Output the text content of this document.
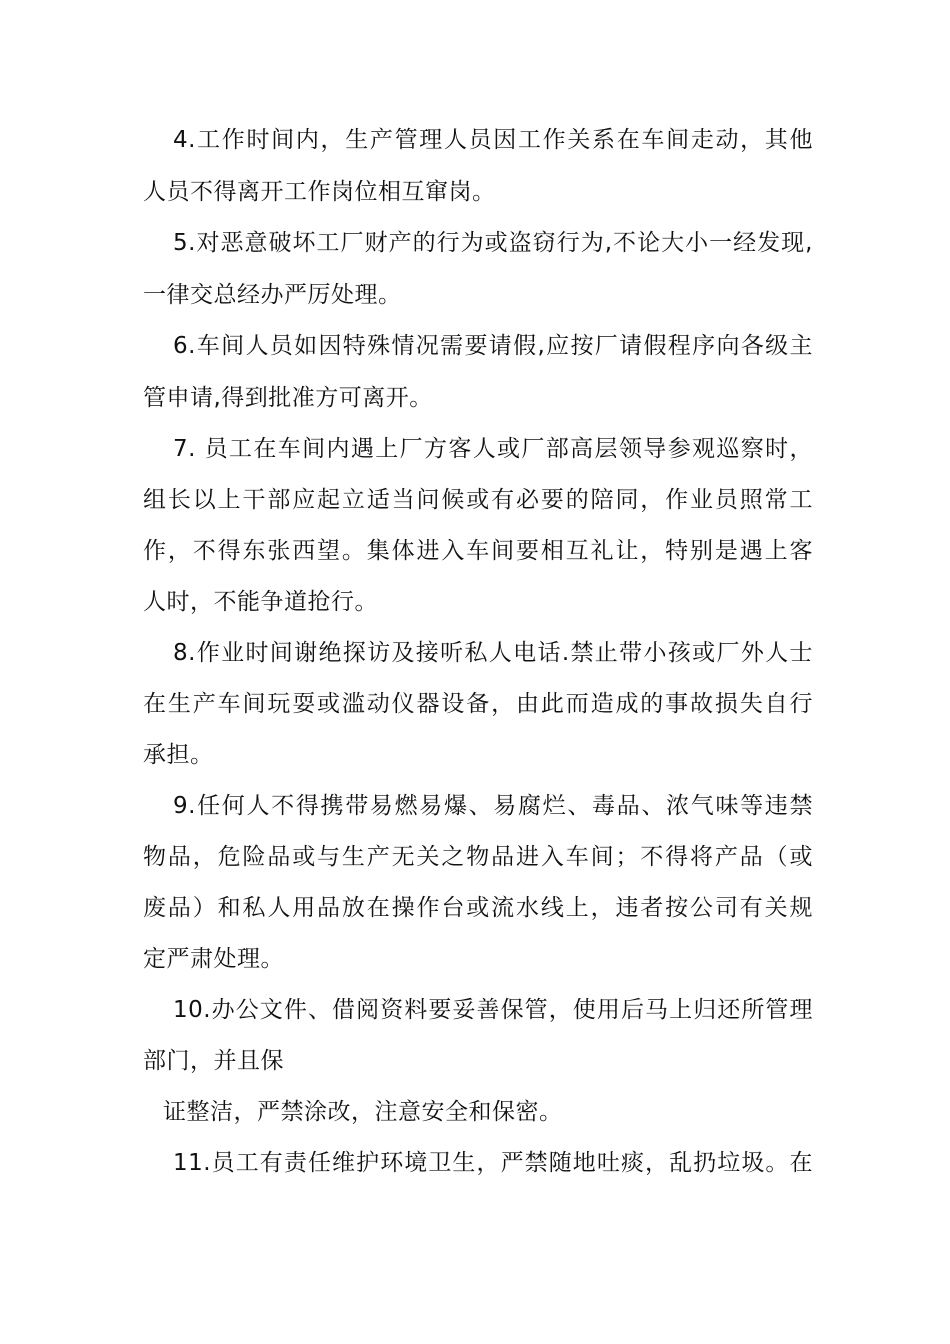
4.工作时间内，生产管理人员因工作关系在车间走动，其他
人员不得离开工作岗位相互窜岗。
5.对恶意破坏工厂财产的行为或盗窃行为,不论大小一经发现,
一律交总经办严厉处理。
6.车间人员如因特殊情况需要请假,应按厂请假程序向各级主
管申请,得到批准方可离开。
7. 员工在车间内遇上厂方客人或厂部高层领导参观巡察时，
组长以上干部应起立适当问候或有必要的陪同，作业员照常工
作，不得东张西望。集体进入车间要相互礼让，特别是遇上客
人时，不能争道抢行。
8.作业时间谢绝探访及接听私人电话.禁止带小孩或厂外人士
在生产车间玩耍或滥动仪器设备，由此而造成的事故损失自行
承担。
9.任何人不得携带易燃易爆、易腐烂、毒品、浓气味等违禁
物品，危险品或与生产无关之物品进入车间；不得将产品（或
废品）和私人用品放在操作台或流水线上，违者按公司有关规
定严肃处理。
10.办公文件、借阅资料要妥善保管，使用后马上归还所管理
部门，并且保
证整洁，严禁涂改，注意安全和保密。
11.员工有责任维护环境卫生，严禁随地吐痰，乱扔垃圾。在
